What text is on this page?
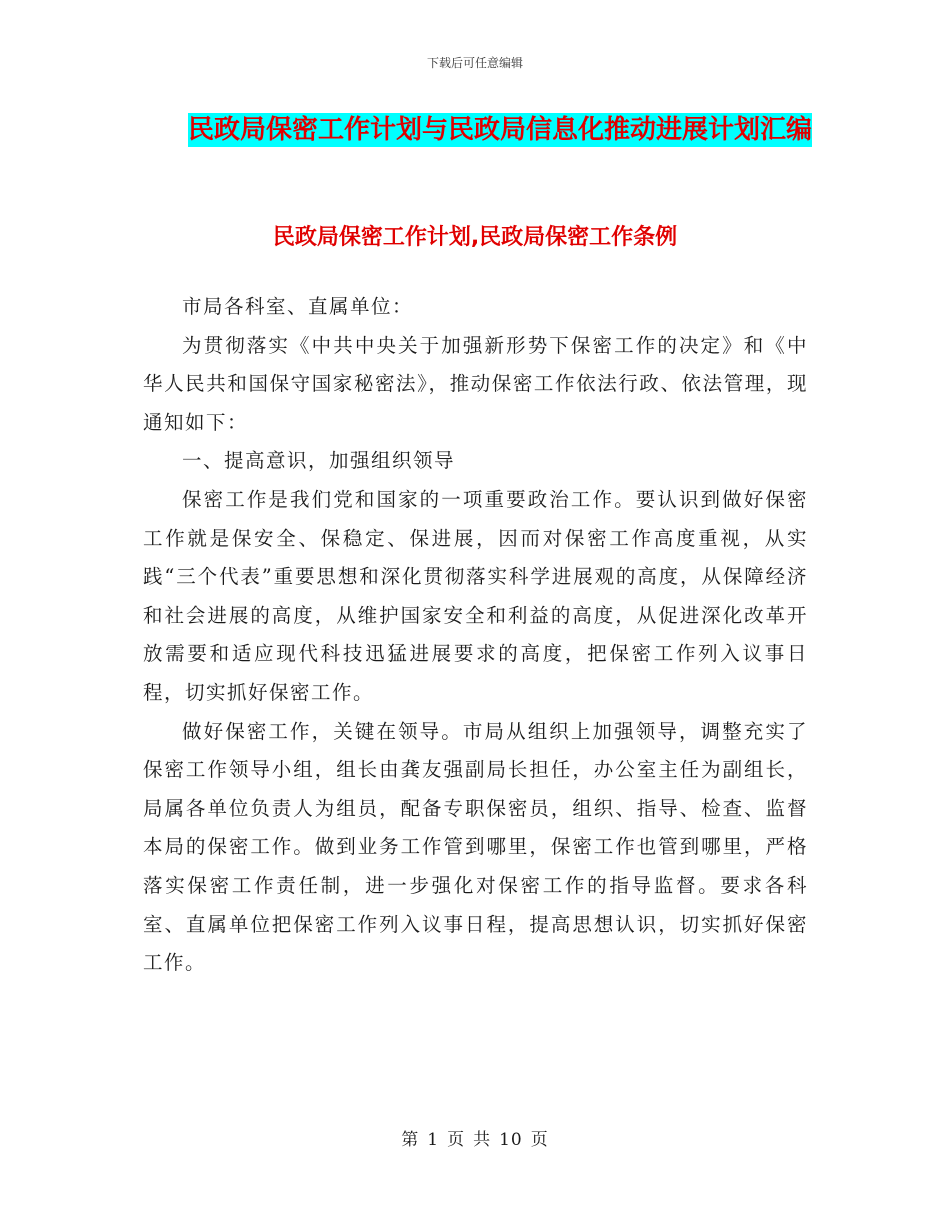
下载后可任意编辑
民政局保密工作计划与民政局信息化推动进展计划汇编
民政局保密工作计划,民政局保密工作条例

市局各科室、直属单位：

为贯彻落实《中共中央关于加强新形势下保密工作的决定》和《中华人民共和国保守国家秘密法》，推动保密工作依法行政、依法管理，现通知如下：

一、提高意识，加强组织领导

保密工作是我们党和国家的一项重要政治工作。要认识到做好保密工作就是保安全、保稳定、保进展，因而对保密工作高度重视，从实践“三个代表”重要思想和深化贯彻落实科学进展观的高度，从保障经济和社会进展的高度，从维护国家安全和利益的高度，从促进深化改革开放需要和适应现代科技迅猛进展要求的高度，把保密工作列入议事日程，切实抓好保密工作。

做好保密工作，关键在领导。市局从组织上加强领导，调整充实了保密工作领导小组，组长由龚友强副局长担任，办公室主任为副组长，局属各单位负责人为组员，配备专职保密员，组织、指导、检查、监督本局的保密工作。做到业务工作管到哪里，保密工作也管到哪里，严格落实保密工作责任制，进一步强化对保密工作的指导监督。要求各科室、直属单位把保密工作列入议事日程，提高思想认识，切实抓好保密工作。

第 1 页 共 10 页
